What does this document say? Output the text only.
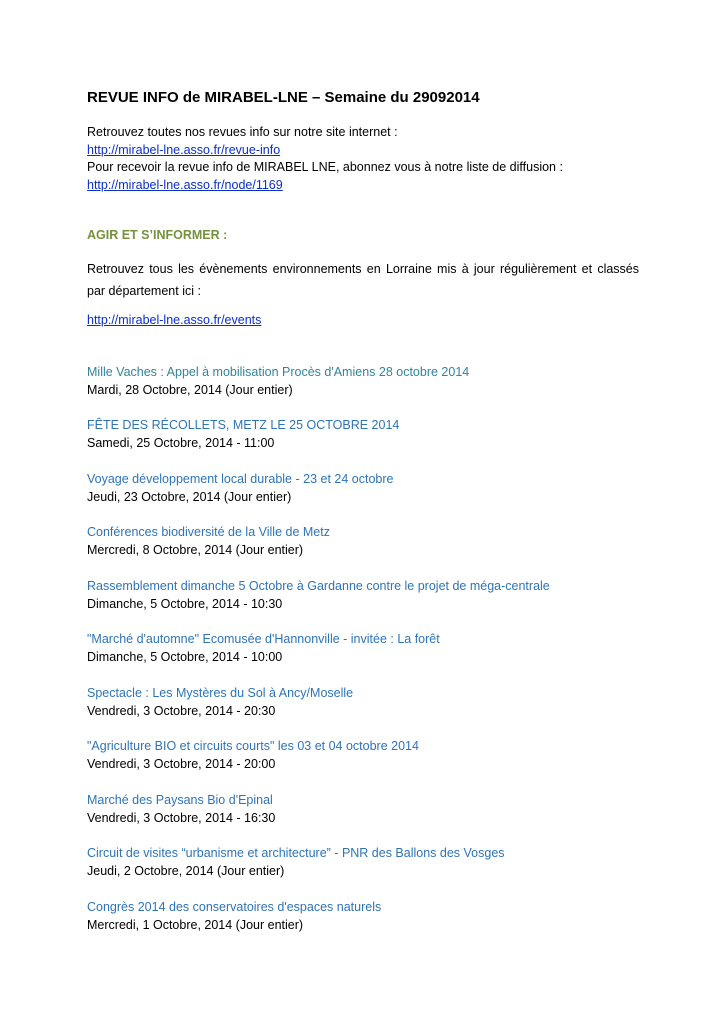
REVUE INFO de MIRABEL-LNE – Semaine du 29092014
Retrouvez toutes nos revues info sur notre site internet :
http://mirabel-lne.asso.fr/revue-info
Pour recevoir la revue info de MIRABEL LNE, abonnez vous à notre liste de diffusion :
http://mirabel-lne.asso.fr/node/1169
AGIR ET S’INFORMER :
Retrouvez tous les évènements environnements en Lorraine mis à jour régulièrement et classés par département ici :
http://mirabel-lne.asso.fr/events
Mille Vaches : Appel à mobilisation Procès d'Amiens 28 octobre 2014
Mardi, 28 Octobre, 2014 (Jour entier)
FÊTE DES RÉCOLLETS, METZ LE 25 OCTOBRE 2014
Samedi, 25 Octobre, 2014 - 11:00
Voyage développement local durable - 23 et 24 octobre
Jeudi, 23 Octobre, 2014 (Jour entier)
Conférences biodiversité de la Ville de Metz
Mercredi, 8 Octobre, 2014 (Jour entier)
Rassemblement dimanche 5 Octobre à Gardanne contre le projet de méga-centrale
Dimanche, 5 Octobre, 2014 - 10:30
"Marché d'automne" Ecomusée d'Hannonville - invitée : La forêt
Dimanche, 5 Octobre, 2014 - 10:00
Spectacle : Les Mystères du Sol à Ancy/Moselle
Vendredi, 3 Octobre, 2014 - 20:30
"Agriculture BIO et circuits courts" les 03 et 04 octobre 2014
Vendredi, 3 Octobre, 2014 - 20:00
Marché des Paysans Bio d'Epinal
Vendredi, 3 Octobre, 2014 - 16:30
Circuit de visites “urbanisme et architecture” - PNR des Ballons des Vosges
Jeudi, 2 Octobre, 2014 (Jour entier)
Congrès 2014 des conservatoires d'espaces naturels
Mercredi, 1 Octobre, 2014 (Jour entier)
